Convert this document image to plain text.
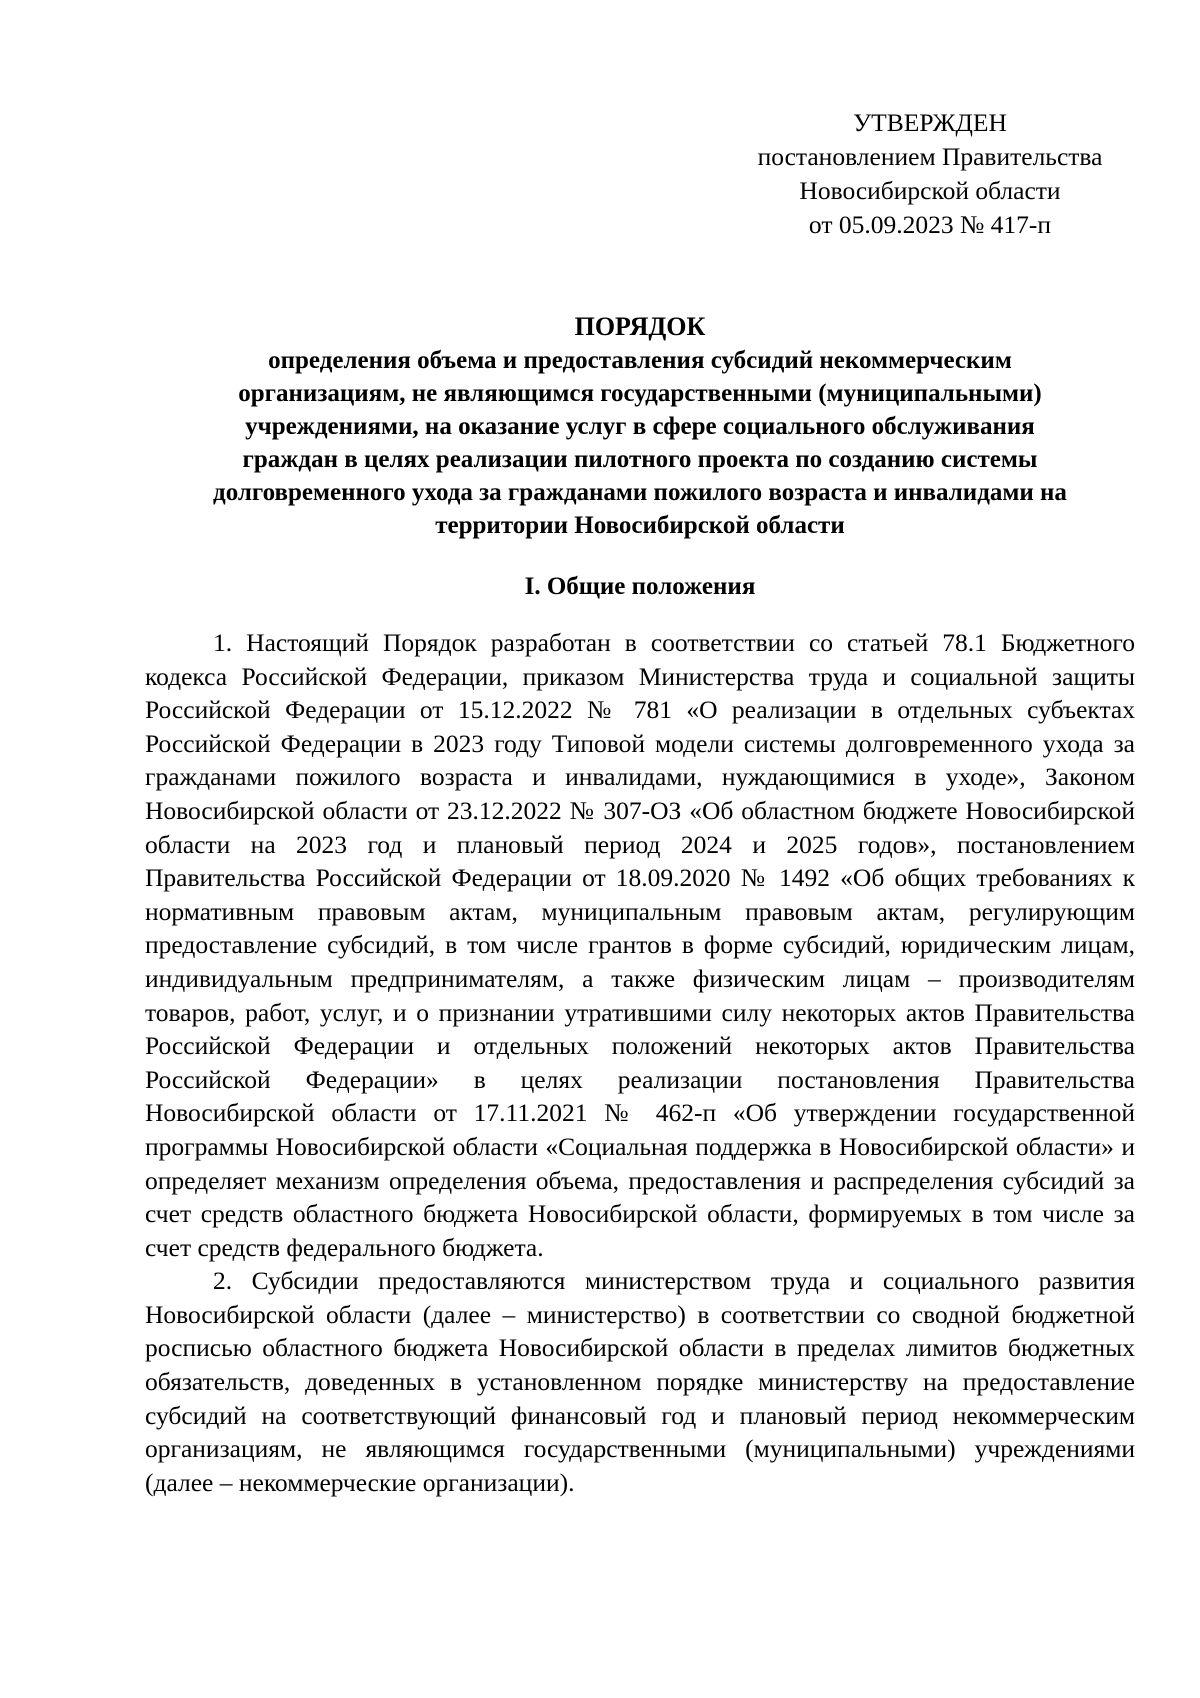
УТВЕРЖДЕН
постановлением Правительства
Новосибирской области
от 05.09.2023 № 417-п

ПОРЯДОК

определения объема и предоставления субсидий некоммерческим

организациям, не являющимся государственными (муниципальными)

учреждениями, на оказание услуг в сфере социального обслуживания

граждан в целях реализации пилотного проекта по созданию системы

долговременного ухода за гражданами пожилого возраста и инвалидами на

территории Новосибирской области

I. Общие положения

1. Настоящий Порядок разработан в соответствии со статьей 78.1 Бюджетного кодекса Российской Федерации, приказом Министерства труда и социальной защиты Российской Федерации от 15.12.2022 № 781 «О реализации в отдельных субъектах Российской Федерации в 2023 году Типовой модели системы долговременного ухода за гражданами пожилого возраста и инвалидами, нуждающимися в уходе», Законом Новосибирской области от 23.12.2022 № 307-ОЗ «Об областном бюджете Новосибирской области на 2023 год и плановый период 2024 и 2025 годов», постановлением Правительства Российской Федерации от 18.09.2020 № 1492 «Об общих требованиях к нормативным правовым актам, муниципальным правовым актам, регулирующим предоставление субсидий, в том числе грантов в форме субсидий, юридическим лицам, индивидуальным предпринимателям, а также физическим лицам – производителям товаров, работ, услуг, и о признании утратившими силу некоторых актов Правительства Российской Федерации и отдельных положений некоторых актов Правительства Российской Федерации» в целях реализации постановления Правительства Новосибирской области от 17.11.2021 № 462-п «Об утверждении государственной программы Новосибирской области «Социальная поддержка в Новосибирской области» и определяет механизм определения объема, предоставления и распределения субсидий за счет средств областного бюджета Новосибирской области, формируемых в том числе за счет средств федерального бюджета.

2. Субсидии предоставляются министерством труда и социального развития Новосибирской области (далее – министерство) в соответствии со сводной бюджетной росписью областного бюджета Новосибирской области в пределах лимитов бюджетных обязательств, доведенных в установленном порядке министерству на предоставление субсидий на соответствующий финансовый год и плановый период некоммерческим организациям, не являющимся государственными (муниципальными) учреждениями (далее – некоммерческие организации).
